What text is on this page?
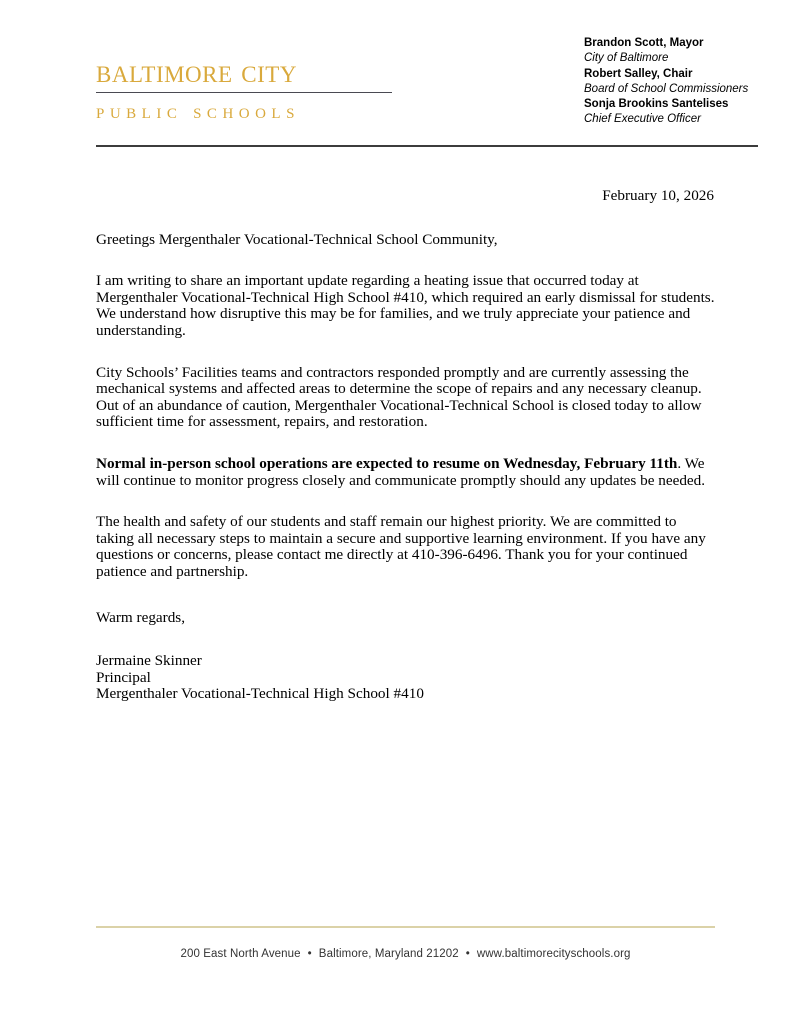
baltimore city
public schools
Brandon Scott, Mayor
City of Baltimore
Robert Salley, Chair
Board of School Commissioners
Sonja Brookins Santelises
Chief Executive Officer

February 10, 2026

Greetings Mergenthaler Vocational-Technical School Community,

I am writing to share an important update regarding a heating issue that occurred today at Mergenthaler Vocational-Technical High School #410, which required an early dismissal for students. We understand how disruptive this may be for families, and we truly appreciate your patience and understanding.

City Schools’ Facilities teams and contractors responded promptly and are currently assessing the mechanical systems and affected areas to determine the scope of repairs and any necessary cleanup. Out of an abundance of caution, Mergenthaler Vocational-Technical School is closed today to allow sufficient time for assessment, repairs, and restoration.

Normal in-person school operations are expected to resume on Wednesday, February 11th. We will continue to monitor progress closely and communicate promptly should any updates be needed.

The health and safety of our students and staff remain our highest priority. We are committed to taking all necessary steps to maintain a secure and supportive learning environment. If you have any questions or concerns, please contact me directly at 410-396-6496. Thank you for your continued patience and partnership.

Warm regards,

Jermaine Skinner
Principal
Mergenthaler Vocational-Technical High School #410
200 East North Avenue • Baltimore, Maryland 21202 • www.baltimorecityschools.org
